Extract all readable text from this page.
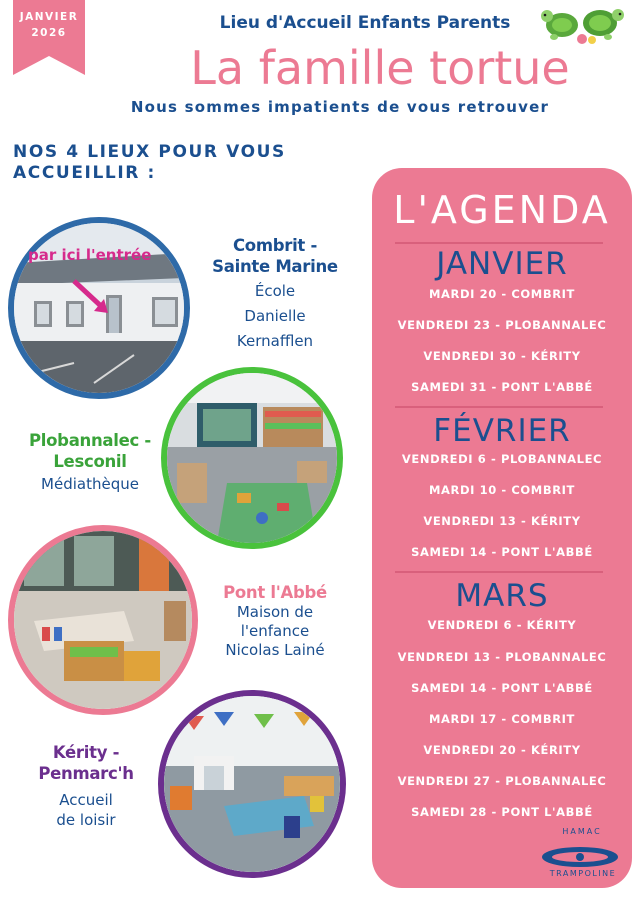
JANVIER
2026	Lieu d'Accueil Enfants Parents
La famille tortue
Nous sommes impatients de vous retrouver
NOS 4 LIEUX POUR VOUS
ACCUEILLIR :
par ici l'entrée	Combrit -
Sainte Marine
École
Danielle
Kernafflen
Plobannalec -
Lesconil
Médiathèque
Pont l'Abbé
Maison de
l'enfance
Nicolas Lainé
Kérity -
Penmarc'h
Accueil
de loisir
L'AGENDA
JANVIER
MARDI 20 - COMBRIT
VENDREDI 23 - PLOBANNALEC
VENDREDI 30 - KÉRITY
SAMEDI 31 - PONT L'ABBÉ
FÉVRIER
VENDREDI 6 - PLOBANNALEC
MARDI 10 - COMBRIT
VENDREDI 13 - KÉRITY
SAMEDI 14 - PONT L'ABBÉ
MARS
VENDREDI 6 - KÉRITY
VENDREDI 13 - PLOBANNALEC
SAMEDI 14 - PONT L'ABBÉ
MARDI 17 - COMBRIT
VENDREDI 20 - KÉRITY
VENDREDI 27 - PLOBANNALEC
SAMEDI 28 - PONT L'ABBÉ
HAMAC
TRAMPOLINE
